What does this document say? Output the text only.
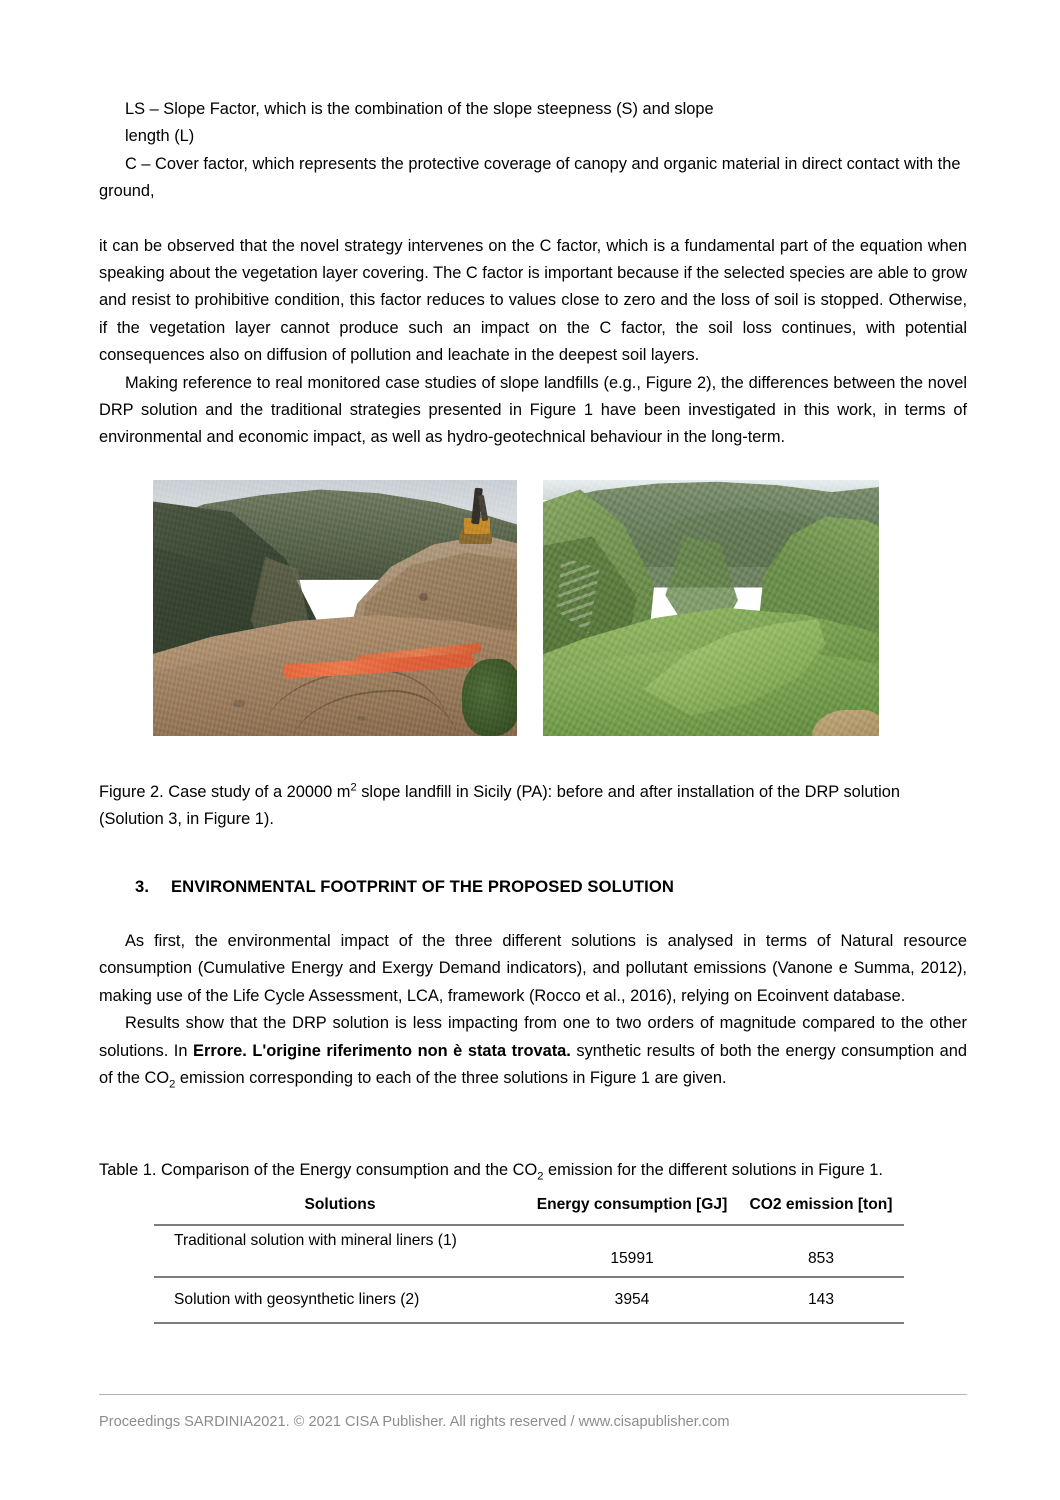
LS – Slope Factor, which is the combination of the slope steepness (S) and slope
length (L)
C – Cover factor, which represents the protective coverage of canopy and organic material in direct contact with the ground,

it can be observed that the novel strategy intervenes on the C factor, which is a fundamental part of the equation when speaking about the vegetation layer covering. The C factor is important because if the selected species are able to grow and resist to prohibitive condition, this factor reduces to values close to zero and the loss of soil is stopped. Otherwise, if the vegetation layer cannot produce such an impact on the C factor, the soil loss continues, with potential consequences also on diffusion of pollution and leachate in the deepest soil layers.

Making reference to real monitored case studies of slope landfills (e.g., Figure 2), the differences between the novel DRP solution and the traditional strategies presented in Figure 1 have been investigated in this work, in terms of environmental and economic impact, as well as hydro-geotechnical behaviour in the long-term.

Figure 2. Case study of a 20000 $m^2$ slope landfill in Sicily (PA): before and after installation of the DRP solution (Solution 3, in Figure 1).
3. ENVIRONMENTAL FOOTPRINT OF THE PROPOSED SOLUTION

As first, the environmental impact of the three different solutions is analysed in terms of Natural resource consumption (Cumulative Energy and Exergy Demand indicators), and pollutant emissions (Vanone e Summa, 2012), making use of the Life Cycle Assessment, LCA, framework (Rocco et al., 2016), relying on Ecoinvent database.

Results show that the DRP solution is less impacting from one to two orders of magnitude compared to the other solutions. In Errore. L'origine riferimento non è stata trovata. synthetic results of both the energy consumption and of the $CO_2$ emission corresponding to each of the three solutions in Figure 1 are given.

Table 1. Comparison of the Energy consumption and the $CO_2$ emission for the different solutions in Figure 1.
Solutions	Energy consumption [GJ]	CO2 emission [ton]
Traditional solution with mineral liners (1)	15991	853
Solution with geosynthetic liners (2)	3954	143
Proceedings SARDINIA2021. © 2021 CISA Publisher. All rights reserved / www.cisapublisher.com
